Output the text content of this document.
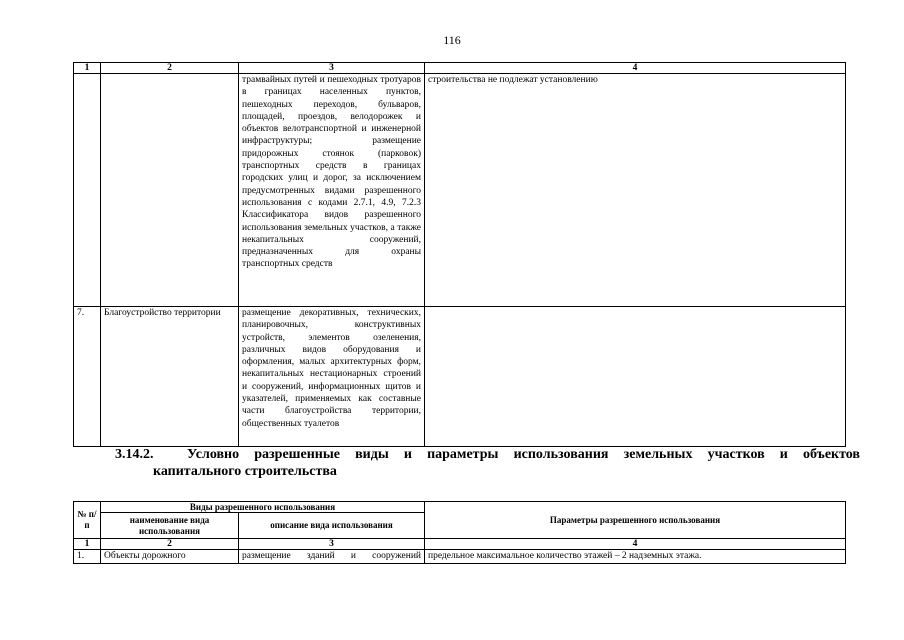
116
1	2	3	4
		трамвайных путей и пешеходных тротуаров в границах населенных пунктов, пешеходных переходов, бульваров, площадей, проездов, велодорожек и объектов велотранспортной и инженерной инфраструктуры; размещение придорожных стоянок (парковок) транспортных средств в границах городских улиц и дорог, за исключением предусмотренных видами разрешенного использования с кодами 2.7.1, 4.9, 7.2.3 Классификатора видов разрешенного использования земельных участков, а также некапитальных сооружений, предназначенных для охраны транспортных средств	строительства не подлежат установлению
7.	Благоустройство территории	размещение декоративных, технических, планировочных, конструктивных устройств, элементов озеленения, различных видов оборудования и оформления, малых архитектурных форм, некапитальных нестационарных строений и сооружений, информационных щитов и указателей, применяемых как составные части благоустройства территории, общественных туалетов	
3.14.2. Условно разрешенные виды и параметры использования земельных участков и объектов
капитального строительства
№ п/п	Виды разрешенного использования		Параметры разрешенного использования
	наименование вида использования	описание вида использования	
1	2	3	4
1.	Объекты дорожного	размещение зданий и сооружений	предельное максимальное количество этажей – 2 надземных этажа.
